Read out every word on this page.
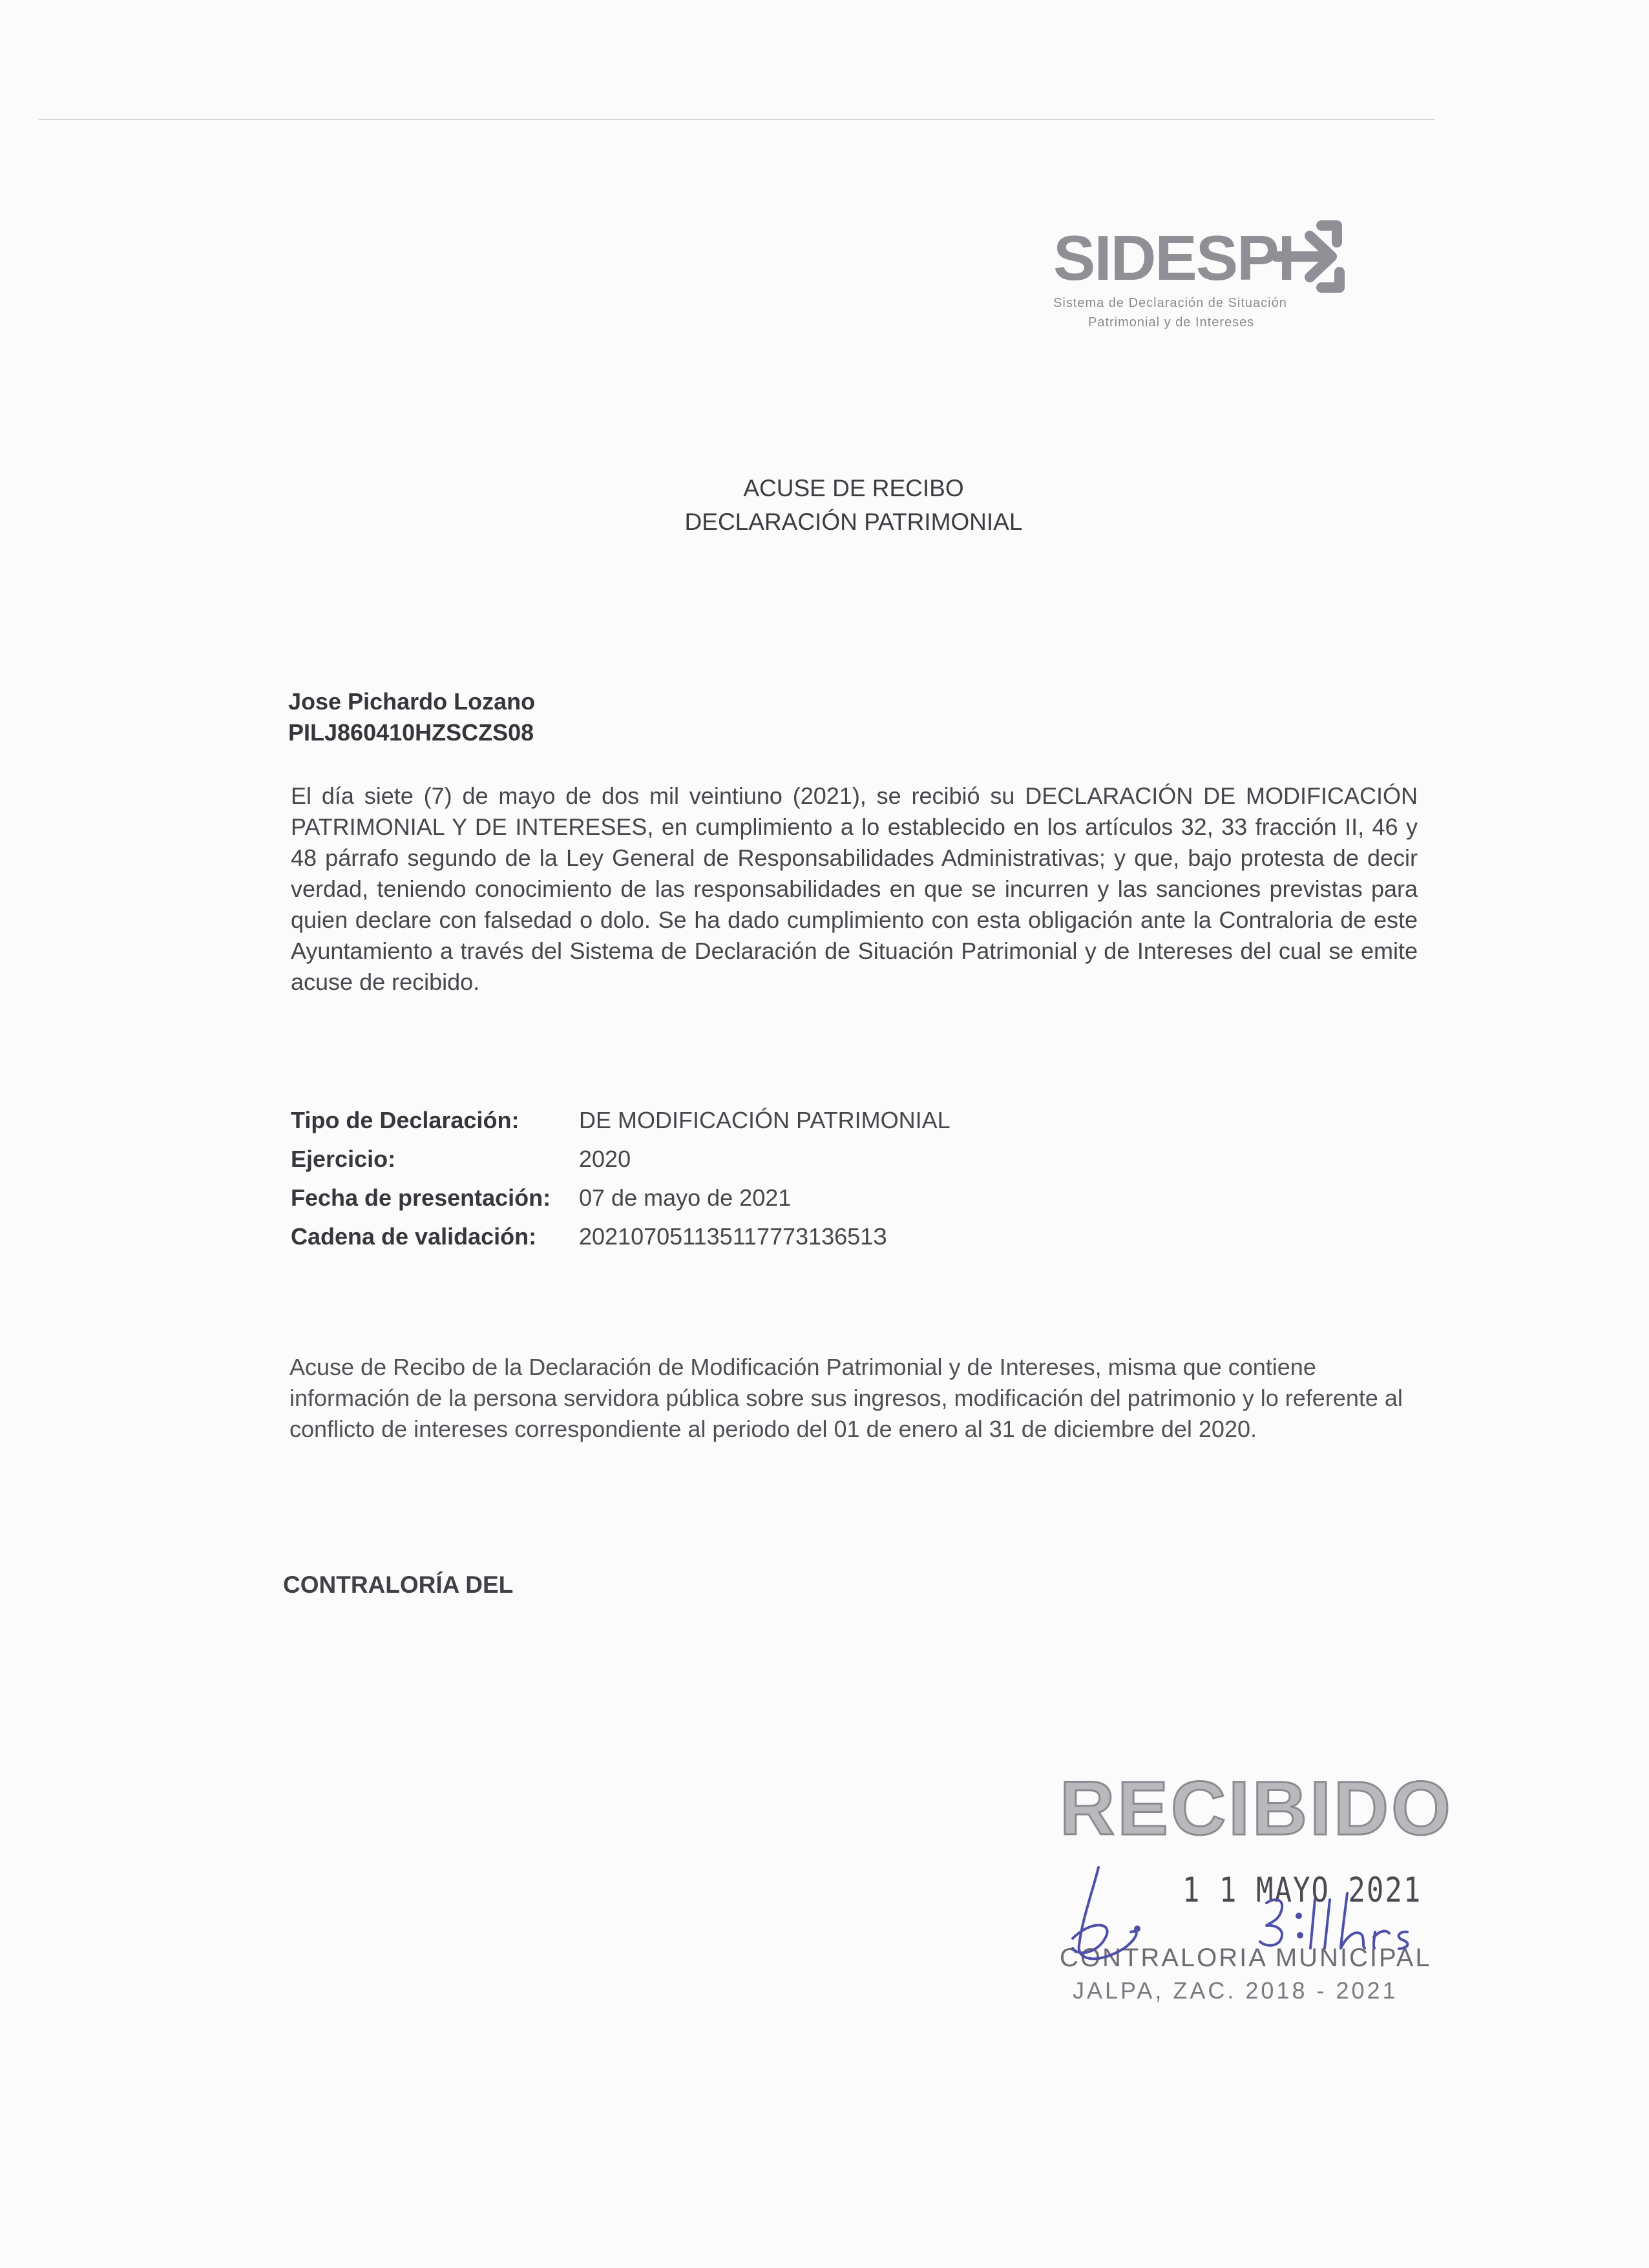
SIDESPI
Sistema de Declaración de Situación
Patrimonial y de Intereses
ACUSE DE RECIBO
DECLARACIÓN PATRIMONIAL
Jose Pichardo Lozano
PILJ860410HZSCZS08
El día siete (7) de mayo de dos mil veintiuno (2021), se recibió su DECLARACIÓN DE MODIFICACIÓN PATRIMONIAL Y DE INTERESES, en cumplimiento a lo establecido en los artículos 32, 33 fracción II, 46 y 48 párrafo segundo de la Ley General de Responsabilidades Administrativas; y que, bajo protesta de decir verdad, teniendo conocimiento de las responsabilidades en que se incurren y las sanciones previstas para quien declare con falsedad o dolo. Se ha dado cumplimiento con esta obligación ante la Contraloria de este Ayuntamiento a través del Sistema de Declaración de Situación Patrimonial y de Intereses del cual se emite acuse de recibido.
Tipo de Declaración:	DE MODIFICACIÓN PATRIMONIAL
Ejercicio:	2020
Fecha de presentación:	07 de mayo de 2021
Cadena de validación:	20210705113511777313651З
Acuse de Recibo de la Declaración de Modificación Patrimonial y de Intereses, misma que contiene información de la persona servidora pública sobre sus ingresos, modificación del patrimonio y lo referente al conflicto de intereses correspondiente al periodo del 01 de enero al 31 de diciembre del 2020.
CONTRALORÍA DEL
RECIBIDO
1 1 MAYO 2021
CONTRALORIA MUNICIPAL
JALPA, ZAC. 2018 - 2021
